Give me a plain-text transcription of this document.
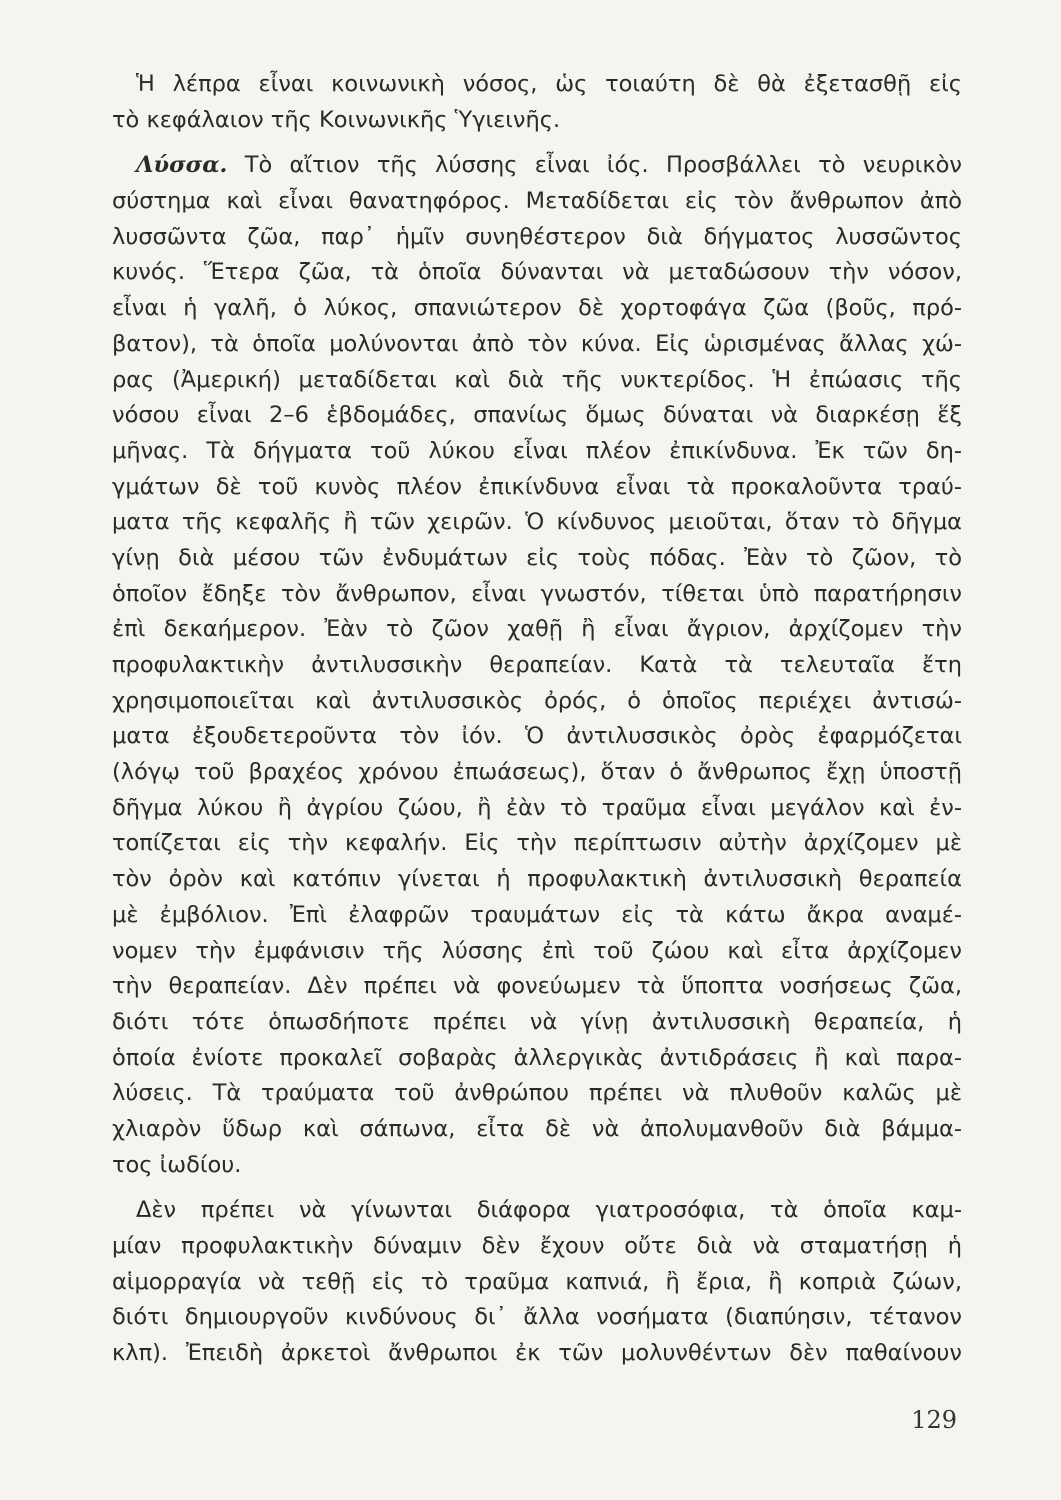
Ἡ λέπρα εἶναι κοινωνικὴ νόσος, ὡς τοιαύτη δὲ θὰ ἐξετασθῇ εἰς
τὸ κεφάλαιον τῆς Κοινωνικῆς Ὑγιεινῆς.
Λύσσα. Τὸ αἴτιον τῆς λύσσης εἶναι ἰός. Προσβάλλει τὸ νευρικὸν
σύστημα καὶ εἶναι θανατηφόρος. Μεταδίδεται εἰς τὸν ἄνθρωπον ἀπὸ
λυσσῶντα ζῶα, παρ᾽ ἡμῖν συνηθέστερον διὰ δήγματος λυσσῶντος
κυνός. Ἕτερα ζῶα, τὰ ὁποῖα δύνανται νὰ μεταδώσουν τὴν νόσον,
εἶναι ἡ γαλῆ, ὁ λύκος, σπανιώτερον δὲ χορτοφάγα ζῶα (βοῦς, πρό-
βατον), τὰ ὁποῖα μολύνονται ἀπὸ τὸν κύνα. Εἰς ὡρισμένας ἄλλας χώ-
ρας (Ἀμερική) μεταδίδεται καὶ διὰ τῆς νυκτερίδος. Ἡ ἐπώασις τῆς
νόσου εἶναι 2–6 ἑβδομάδες, σπανίως ὅμως δύναται νὰ διαρκέσῃ ἕξ
μῆνας. Τὰ δήγματα τοῦ λύκου εἶναι πλέον ἐπικίνδυνα. Ἐκ τῶν δη-
γμάτων δὲ τοῦ κυνὸς πλέον ἐπικίνδυνα εἶναι τὰ προκαλοῦντα τραύ-
ματα τῆς κεφαλῆς ἢ τῶν χειρῶν. Ὁ κίνδυνος μειοῦται, ὅταν τὸ δῆγμα
γίνῃ διὰ μέσου τῶν ἐνδυμάτων εἰς τοὺς πόδας. Ἐὰν τὸ ζῶον, τὸ
ὁποῖον ἔδηξε τὸν ἄνθρωπον, εἶναι γνωστόν, τίθεται ὑπὸ παρατήρησιν
ἐπὶ δεκαήμερον. Ἐὰν τὸ ζῶον χαθῇ ἢ εἶναι ἄγριον, ἀρχίζομεν τὴν
προφυλακτικὴν ἀντιλυσσικὴν θεραπείαν. Κατὰ τὰ τελευταῖα ἔτη
χρησιμοποιεῖται καὶ ἀντιλυσσικὸς ὀρός, ὁ ὁποῖος περιέχει ἀντισώ-
ματα ἐξουδετεροῦντα τὸν ἰόν. Ὁ ἀντιλυσσικὸς ὀρὸς ἐφαρμόζεται
(λόγῳ τοῦ βραχέος χρόνου ἐπωάσεως), ὅταν ὁ ἄνθρωπος ἔχῃ ὑποστῇ
δῆγμα λύκου ἢ ἀγρίου ζώου, ἢ ἐὰν τὸ τραῦμα εἶναι μεγάλον καὶ ἐν-
τοπίζεται εἰς τὴν κεφαλήν. Εἰς τὴν περίπτωσιν αὐτὴν ἀρχίζομεν μὲ
τὸν ὀρὸν καὶ κατόπιν γίνεται ἡ προφυλακτικὴ ἀντιλυσσικὴ θεραπεία
μὲ ἐμβόλιον. Ἐπὶ ἐλαφρῶν τραυμάτων εἰς τὰ κάτω ἄκρα αναμέ-
νομεν τὴν ἐμφάνισιν τῆς λύσσης ἐπὶ τοῦ ζώου καὶ εἶτα ἀρχίζομεν
τὴν θεραπείαν. Δὲν πρέπει νὰ φονεύωμεν τὰ ὕποπτα νοσήσεως ζῶα,
διότι τότε ὁπωσδήποτε πρέπει νὰ γίνῃ ἀντιλυσσικὴ θεραπεία, ἡ
ὁποία ἐνίοτε προκαλεῖ σοβαρὰς ἀλλεργικὰς ἀντιδράσεις ἢ καὶ παρα-
λύσεις. Τὰ τραύματα τοῦ ἀνθρώπου πρέπει νὰ πλυθοῦν καλῶς μὲ
χλιαρὸν ὕδωρ καὶ σάπωνα, εἶτα δὲ νὰ ἀπολυμανθοῦν διὰ βάμμα-
τος ἰωδίου.
Δὲν πρέπει νὰ γίνωνται διάφορα γιατροσόφια, τὰ ὁποῖα καμ-
μίαν προφυλακτικὴν δύναμιν δὲν ἔχουν οὔτε διὰ νὰ σταματήσῃ ἡ
αἱμορραγία νὰ τεθῇ εἰς τὸ τραῦμα καπνιά, ἢ ἔρια, ἢ κοπριὰ ζώων,
διότι δημιουργοῦν κινδύνους δι᾽ ἄλλα νοσήματα (διαπύησιν, τέτανον
κλπ). Ἐπειδὴ ἀρκετοὶ ἄνθρωποι ἐκ τῶν μολυνθέντων δὲν παθαίνουν
129
